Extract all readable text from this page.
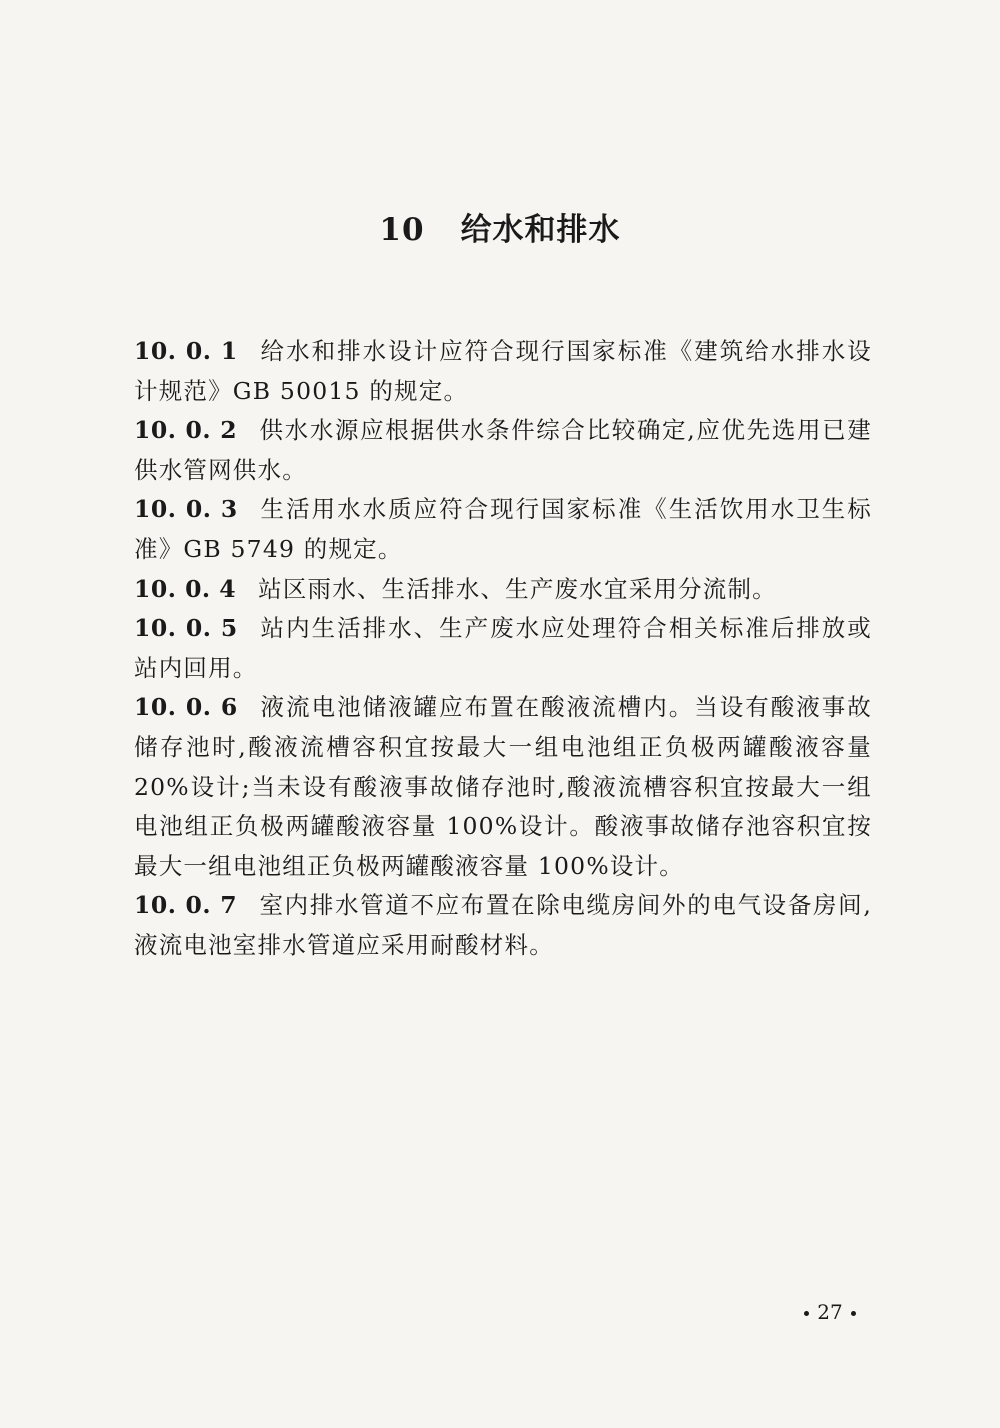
10 给水和排水

10. 0. 1 给水和排水设计应符合现行国家标准《建筑给水排水设计规范》GB 50015 的规定。

10. 0. 2 供水水源应根据供水条件综合比较确定,应优先选用已建供水管网供水。

10. 0. 3 生活用水水质应符合现行国家标准《生活饮用水卫生标准》GB 5749 的规定。

10. 0. 4 站区雨水、生活排水、生产废水宜采用分流制。

10. 0. 5 站内生活排水、生产废水应处理符合相关标准后排放或站内回用。

10. 0. 6 液流电池储液罐应布置在酸液流槽内。当设有酸液事故储存池时,酸液流槽容积宜按最大一组电池组正负极两罐酸液容量 20%设计;当未设有酸液事故储存池时,酸液流槽容积宜按最大一组电池组正负极两罐酸液容量 100%设计。酸液事故储存池容积宜按最大一组电池组正负极两罐酸液容量 100%设计。

10. 0. 7 室内排水管道不应布置在除电缆房间外的电气设备房间,液流电池室排水管道应采用耐酸材料。

27
